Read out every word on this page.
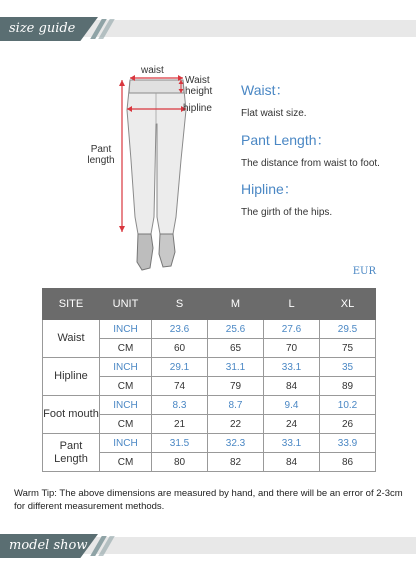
size guide
waist
Waist height
hipline
Pant length
Waist：
Flat waist size.
Pant Length：
The distance from waist to foot.
Hipline：
The girth of the hips.
EUR
SITE	UNIT	S	M	L	XL
Waist	INCH	23.6	25.6	27.6	29.5
	CM	60	65	70	75
Hipline	INCH	29.1	31.1	33.1	35
	CM	74	79	84	89
Foot mouth	INCH	8.3	8.7	9.4	10.2
	CM	21	22	24	26
Pant Length	INCH	31.5	32.3	33.1	33.9
	CM	80	82	84	86
Warm Tip: The above dimensions are measured by hand, and there will be an error of 2-3cm for different measurement methods.
model show
